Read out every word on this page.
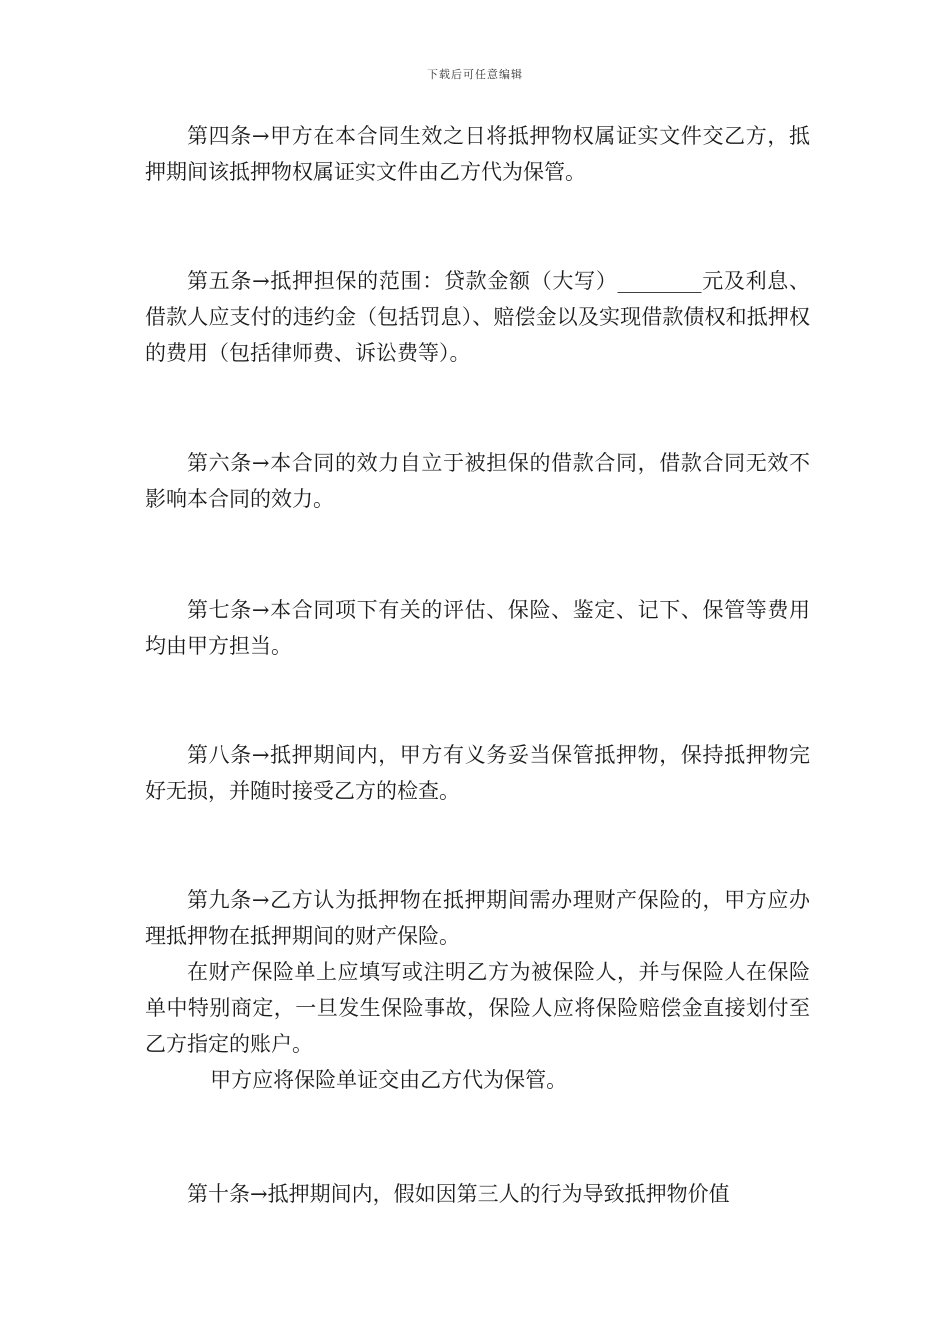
下载后可任意编辑

第四条→甲方在本合同生效之日将抵押物权属证实文件交乙方，抵押期间该抵押物权属证实文件由乙方代为保管。

第五条→抵押担保的范围：贷款金额（大写）________元及利息、借款人应支付的违约金（包括罚息）、赔偿金以及实现借款债权和抵押权的费用（包括律师费、诉讼费等）。

第六条→本合同的效力自立于被担保的借款合同，借款合同无效不影响本合同的效力。

第七条→本合同项下有关的评估、保险、鉴定、记下、保管等费用均由甲方担当。

第八条→抵押期间内，甲方有义务妥当保管抵押物，保持抵押物完好无损，并随时接受乙方的检查。

第九条→乙方认为抵押物在抵押期间需办理财产保险的，甲方应办理抵押物在抵押期间的财产保险。

在财产保险单上应填写或注明乙方为被保险人，并与保险人在保险单中特别商定，一旦发生保险事故，保险人应将保险赔偿金直接划付至乙方指定的账户。

甲方应将保险单证交由乙方代为保管。

第十条→抵押期间内，假如因第三人的行为导致抵押物价值
